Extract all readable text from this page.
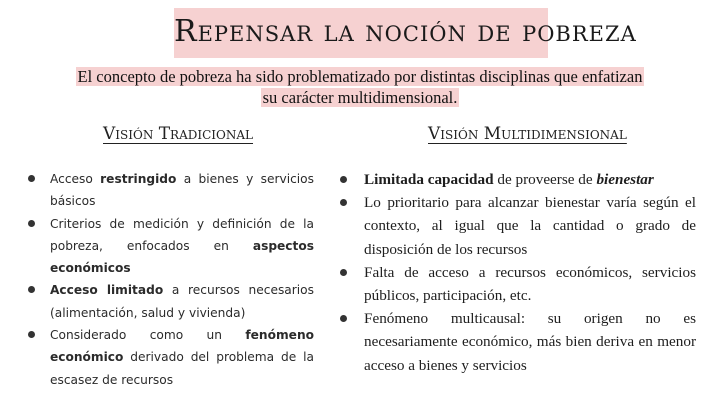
Repensar la noción de pobreza
El concepto de pobreza ha sido problematizado por distintas disciplinas que enfatizan su carácter multidimensional.
Visión Tradicional	Visión Multidimensional
Acceso restringido a bienes y servicios básicos
Criterios de medición y definición de la pobreza, enfocados en aspectos económicos
Acceso limitado a recursos necesarios (alimentación, salud y vivienda)
Considerado como un fenómeno económico derivado del problema de la escasez de recursos
Limitada capacidad de proveerse de bienestar
Lo prioritario para alcanzar bienestar varía según el contexto, al igual que la cantidad o grado de disposición de los recursos
Falta de acceso a recursos económicos, servicios públicos, participación, etc.
Fenómeno multicausal: su origen no es necesariamente económico, más bien deriva en menor acceso a bienes y servicios
